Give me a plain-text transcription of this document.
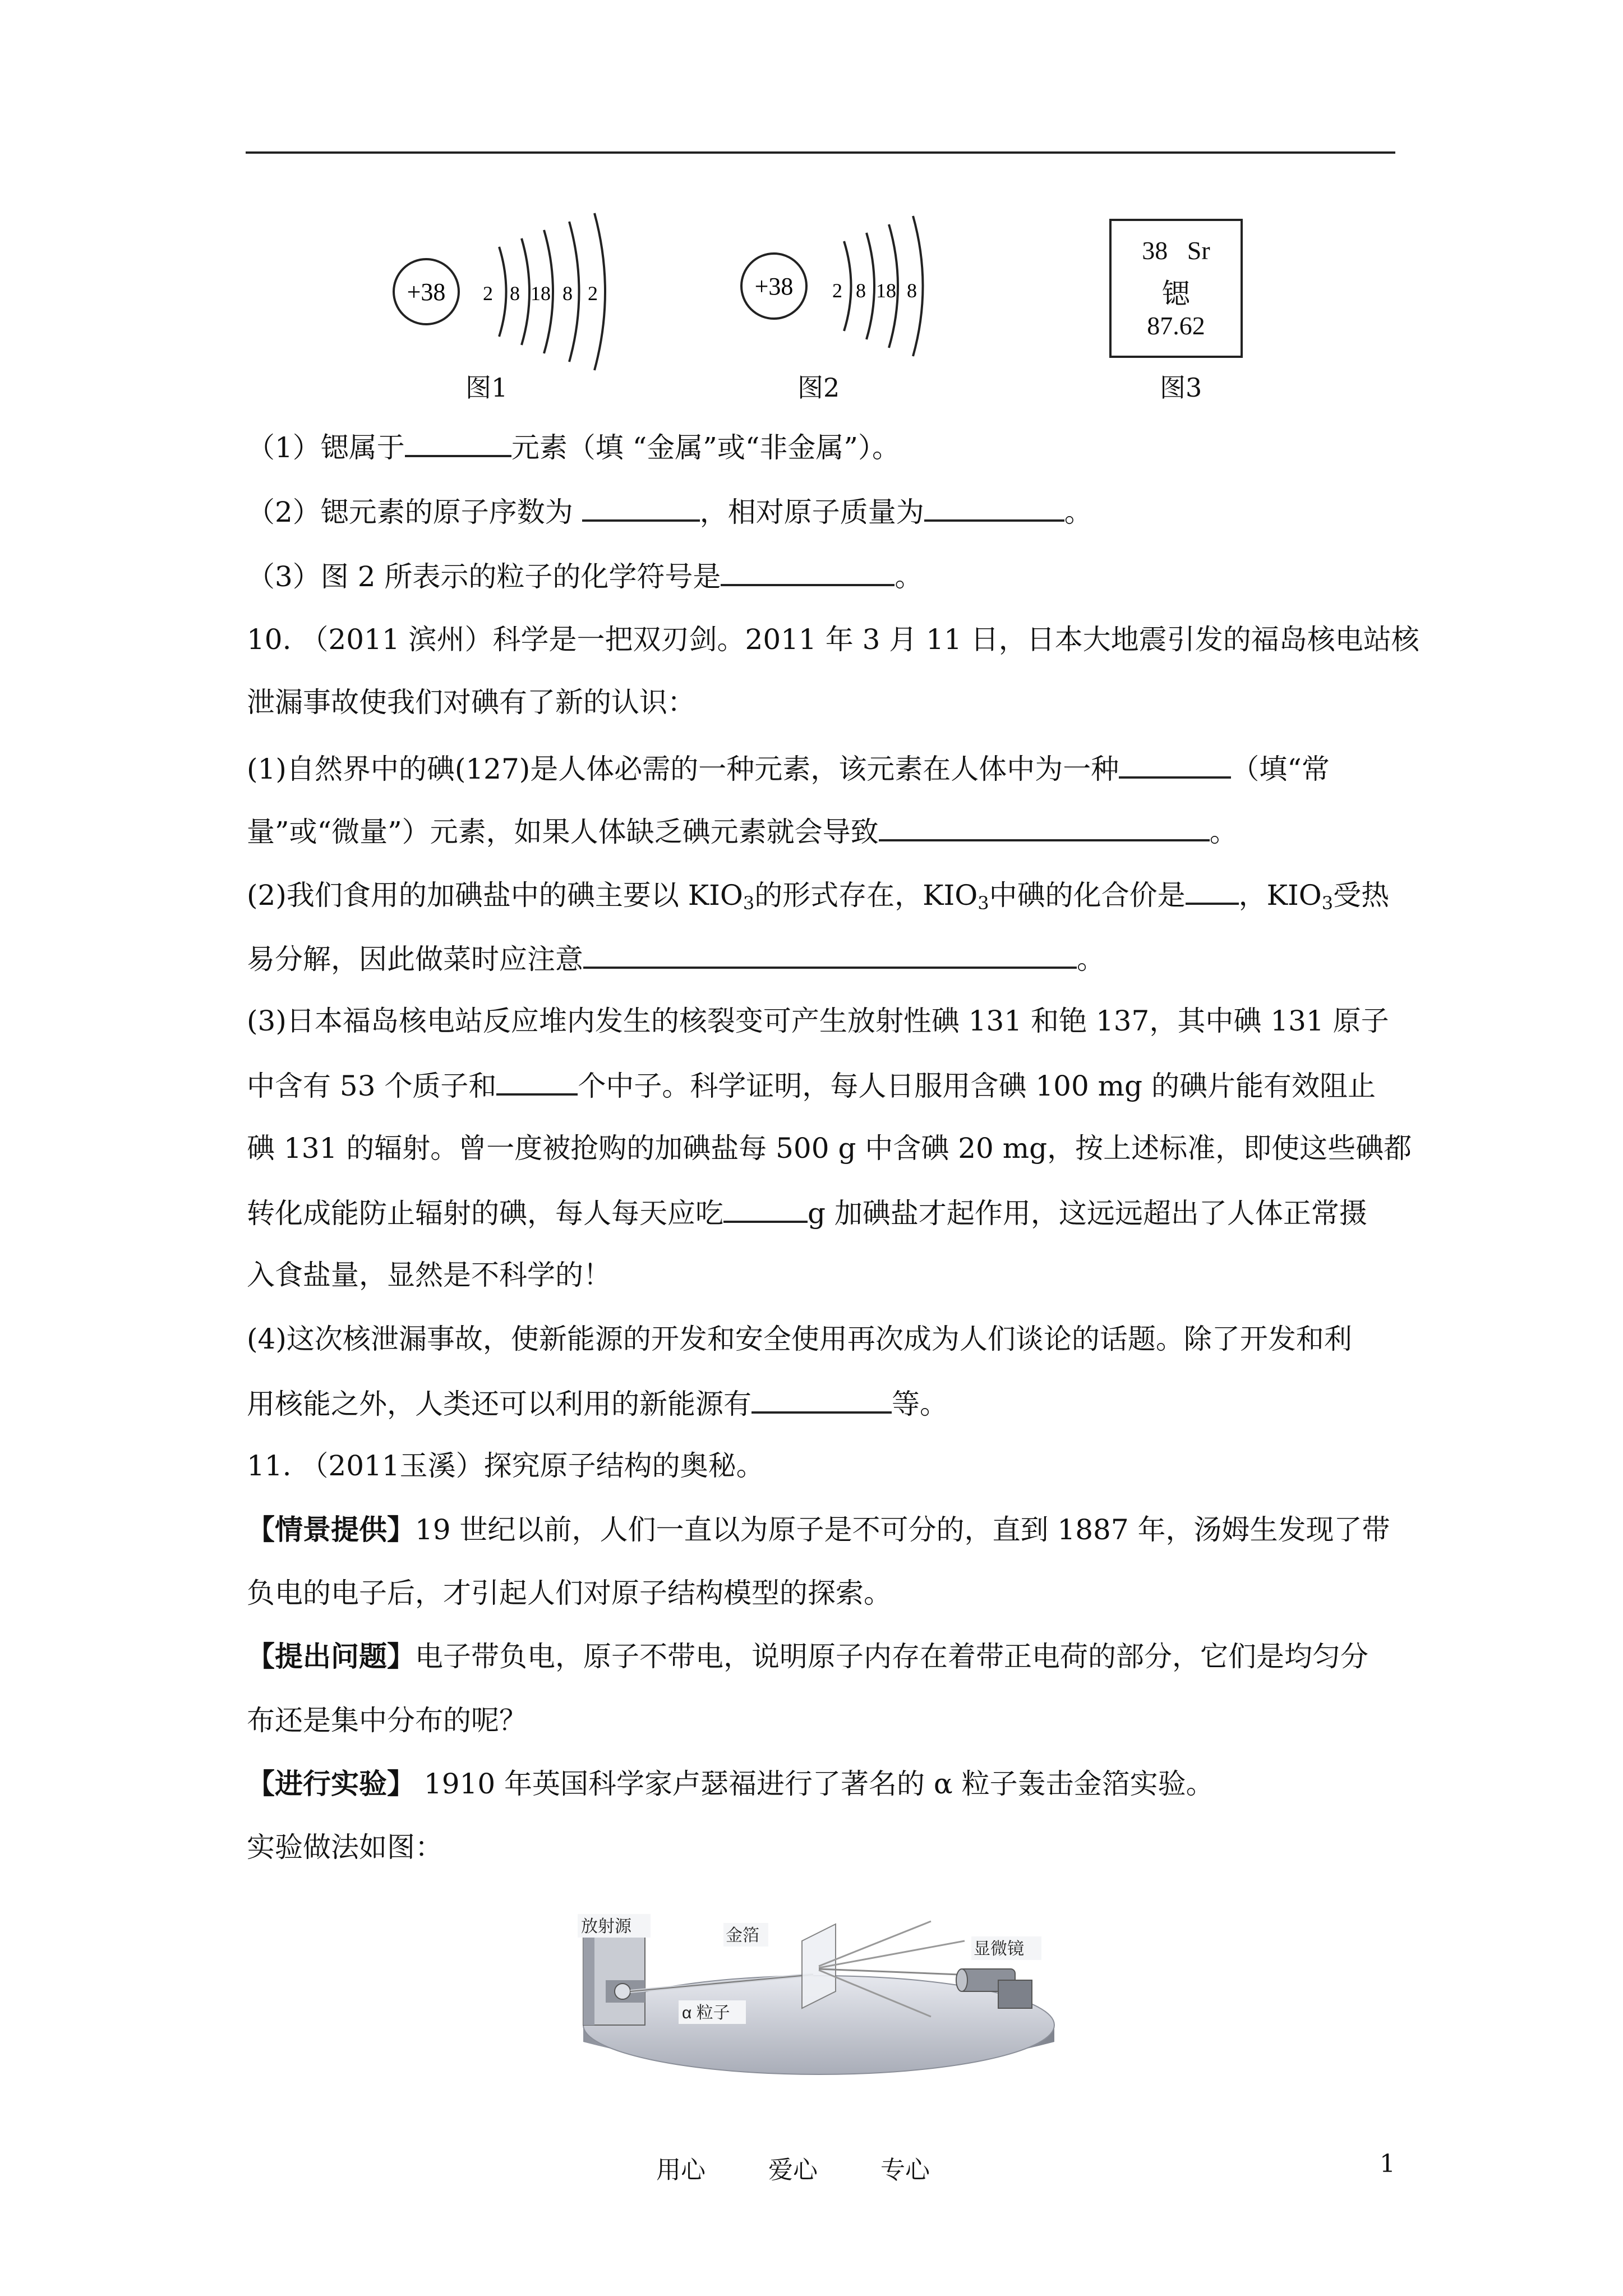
+38 2 8 18 8 2
图1
+38 2 8 18 8
图2
38 Sr
锶
87.62
图3
（1）锶属于	元素（填 “金属”或“非金属”）。
（2）锶元素的原子序数为	，相对原子质量为	。
（3）图 2 所表示的粒子的化学符号是	。
10. （2011 滨州）科学是一把双刃剑。2011 年 3 月 11 日，日本大地震引发的福岛核电站核
泄漏事故使我们对碘有了新的认识：
(1)自然界中的碘(127)是人体必需的一种元素，该元素在人体中为一种	（填“常
量”或“微量”）元素，如果人体缺乏碘元素就会导致	。
(2)我们食用的加碘盐中的碘主要以 $KIO_3$的形式存在，$KIO_3$中碘的化合价是 ，$KIO_3$受热
易分解，因此做菜时应注意	。
(3)日本福岛核电站反应堆内发生的核裂变可产生放射性碘 131 和铯 137，其中碘 131 原子
中含有 53 个质子和	个中子。科学证明，每人日服用含碘 100 mg 的碘片能有效阻止
碘 131 的辐射。曾一度被抢购的加碘盐每 500 g 中含碘 20 mg，按上述标准，即使这些碘都
转化成能防止辐射的碘，每人每天应吃	g 加碘盐才起作用，这远远超出了人体正常摄
入食盐量，显然是不科学的！
(4)这次核泄漏事故，使新能源的开发和安全使用再次成为人们谈论的话题。除了开发和利
用核能之外，人类还可以利用的新能源有	等。
11. （2011玉溪）探究原子结构的奥秘。
【情景提供】19 世纪以前，人们一直以为原子是不可分的，直到 1887 年，汤姆生发现了带
负电的电子后，才引起人们对原子结构模型的探索。
【提出问题】电子带负电，原子不带电，说明原子内存在着带正电荷的部分，它们是均匀分
布还是集中分布的呢？
【进行实验】 1910 年英国科学家卢瑟福进行了著名的 α 粒子轰击金箔实验。
实验做法如图：
放射源	金箔
显微镜
α 粒子
用心	爱心	专心	1
